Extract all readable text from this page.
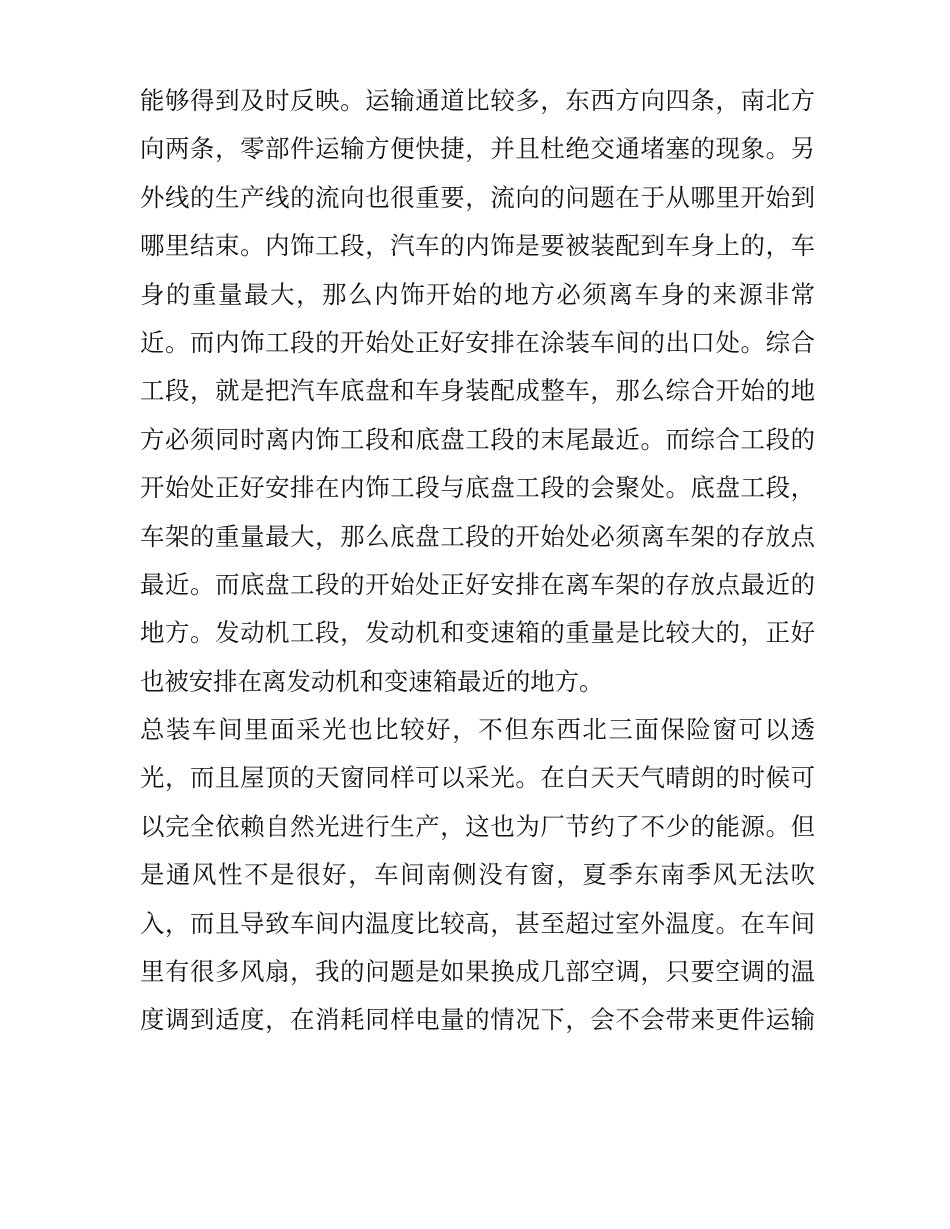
能够得到及时反映。运输通道比较多，东西方向四条，南北方
向两条，零部件运输方便快捷，并且杜绝交通堵塞的现象。另
外线的生产线的流向也很重要，流向的问题在于从哪里开始到
哪里结束。内饰工段，汽车的内饰是要被装配到车身上的，车
身的重量最大，那么内饰开始的地方必须离车身的来源非常
近。而内饰工段的开始处正好安排在涂装车间的出口处。综合
工段，就是把汽车底盘和车身装配成整车，那么综合开始的地
方必须同时离内饰工段和底盘工段的末尾最近。而综合工段的
开始处正好安排在内饰工段与底盘工段的会聚处。底盘工段，
车架的重量最大，那么底盘工段的开始处必须离车架的存放点
最近。而底盘工段的开始处正好安排在离车架的存放点最近的
地方。发动机工段，发动机和变速箱的重量是比较大的，正好
也被安排在离发动机和变速箱最近的地方。
总装车间里面采光也比较好，不但东西北三面保险窗可以透
光，而且屋顶的天窗同样可以采光。在白天天气晴朗的时候可
以完全依赖自然光进行生产，这也为厂节约了不少的能源。但
是通风性不是很好，车间南侧没有窗，夏季东南季风无法吹
入，而且导致车间内温度比较高，甚至超过室外温度。在车间
里有很多风扇，我的问题是如果换成几部空调，只要空调的温
度调到适度，在消耗同样电量的情况下，会不会带来更件运输
